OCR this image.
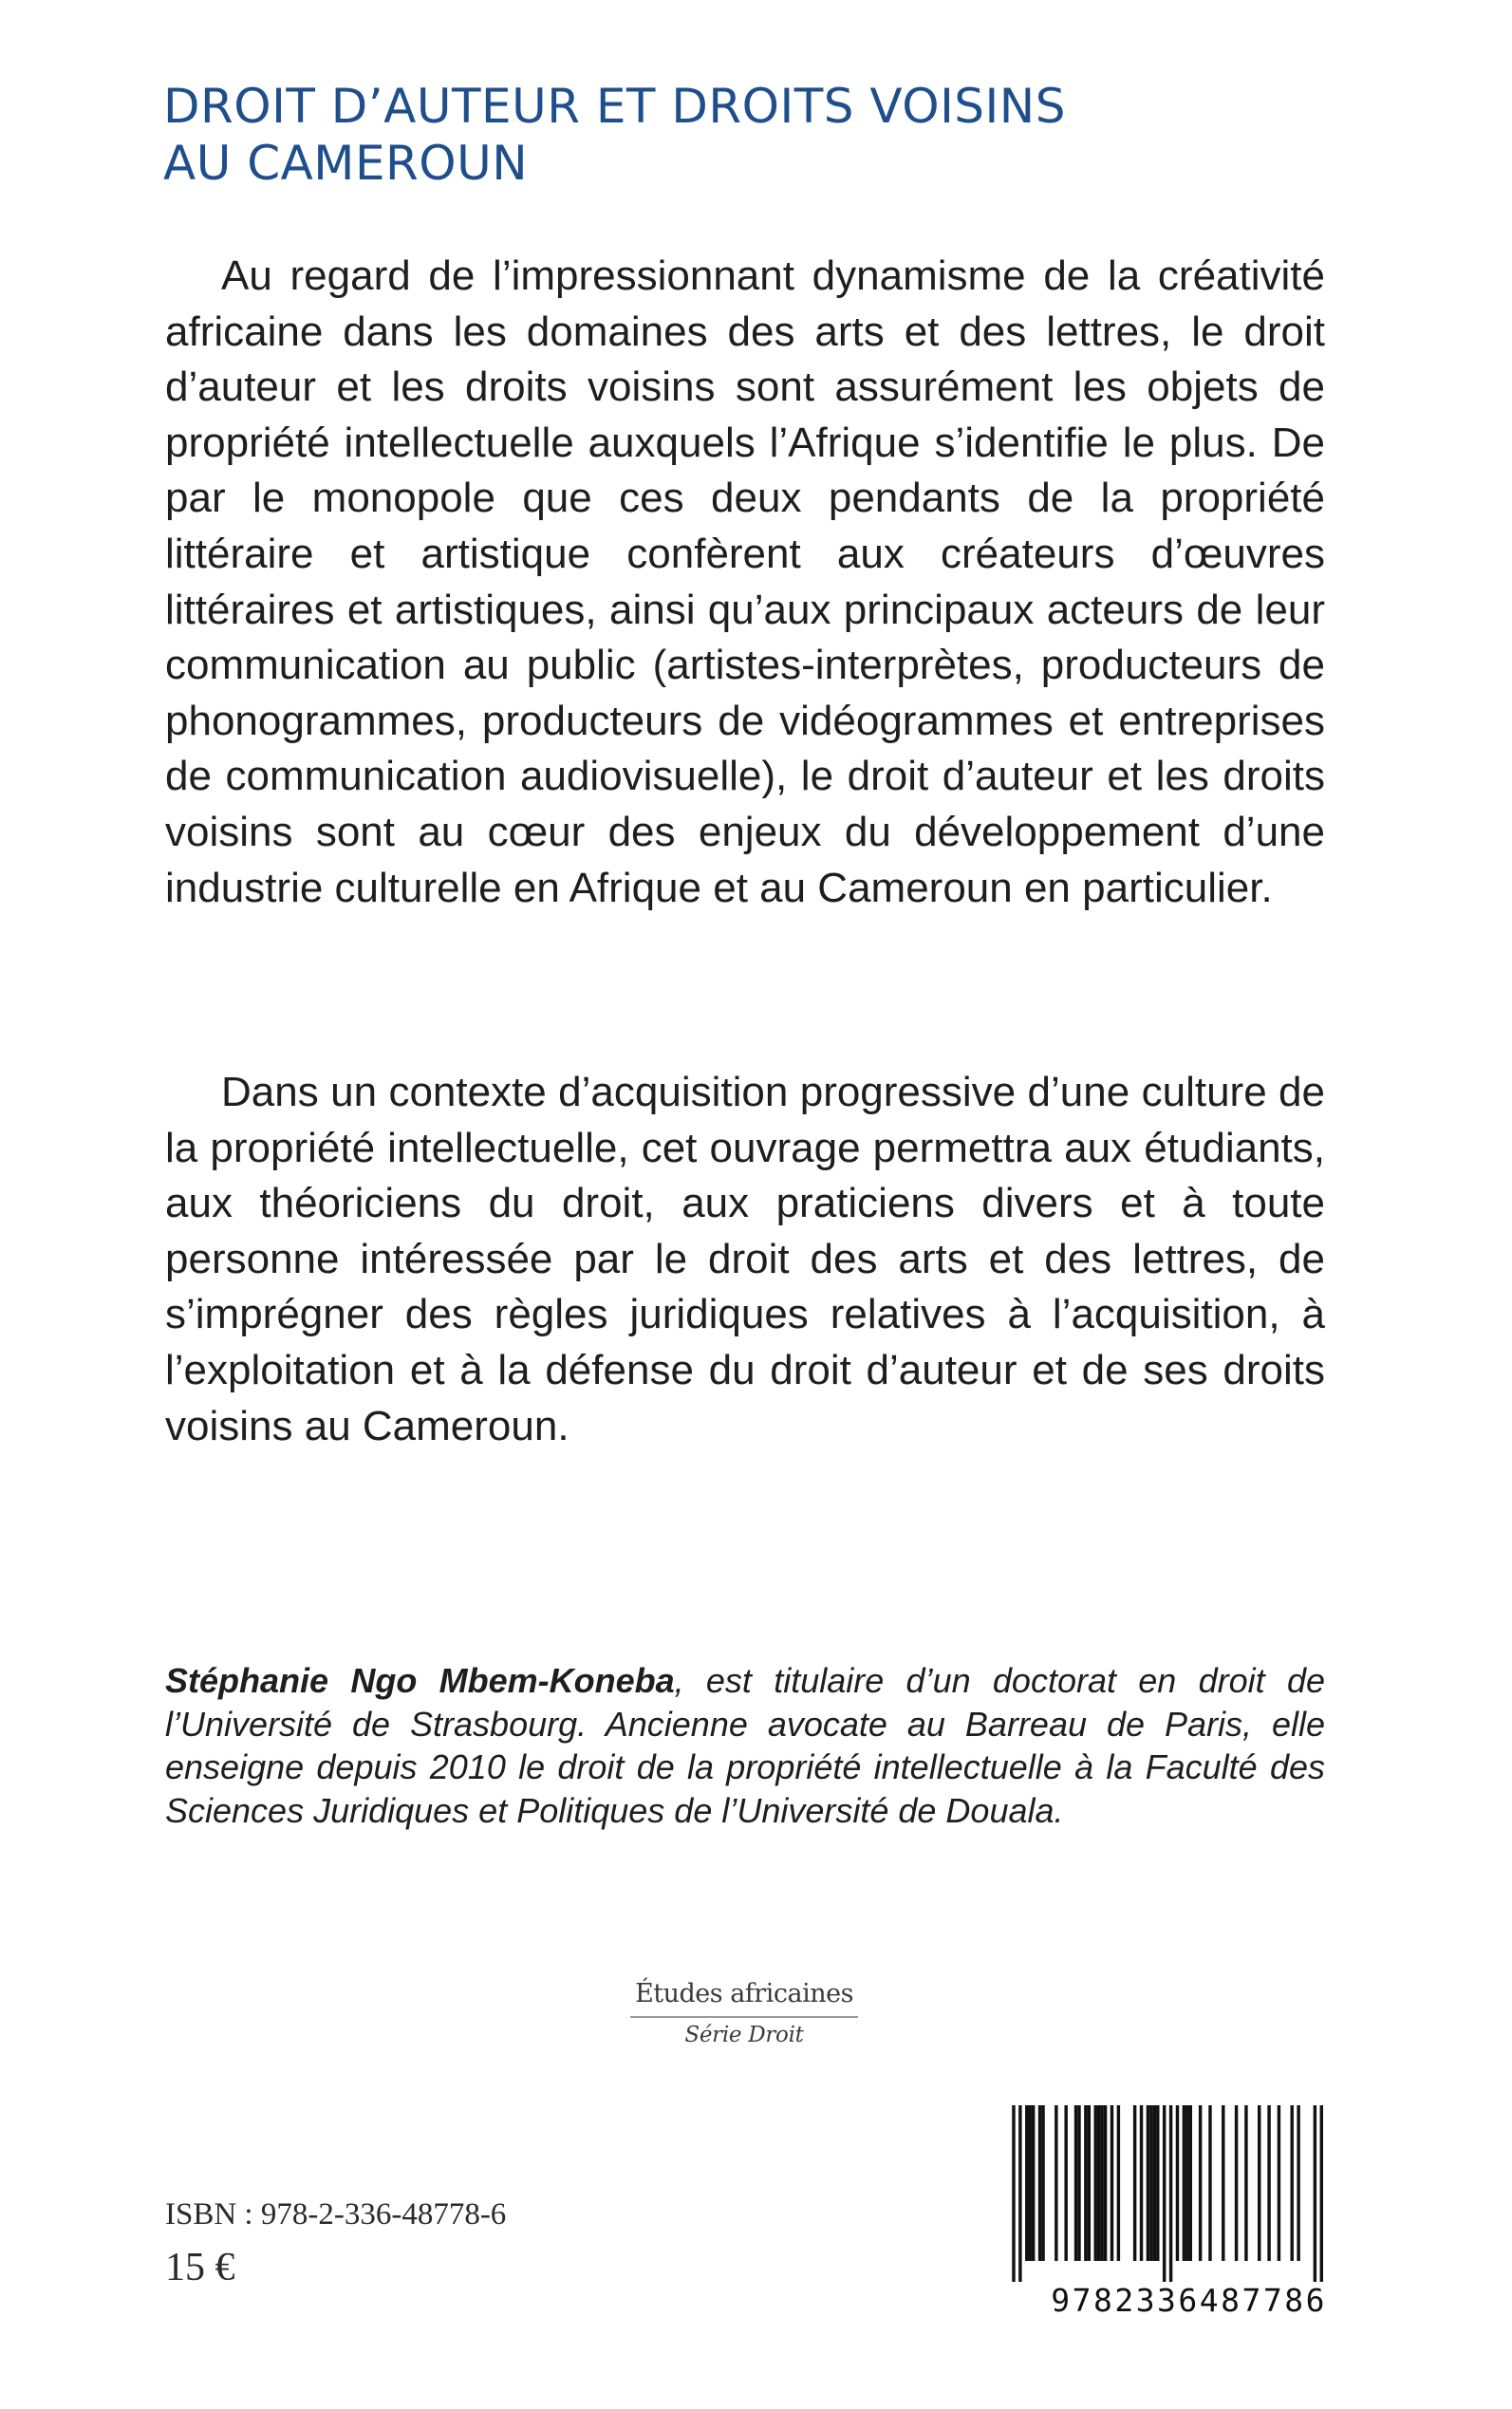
DROIT D’AUTEUR ET DROITS VOISINS
AU CAMEROUN

Au regard de l’impressionnant dynamisme de la créativité africaine dans les domaines des arts et des lettres, le droit d’auteur et les droits voisins sont assurément les objets de propriété intellectuelle auxquels l’Afrique s’identifie le plus. De par le monopole que ces deux pendants de la propriété littéraire et artistique confèrent aux créateurs d’œuvres littéraires et artistiques, ainsi qu’aux principaux acteurs de leur communication au public (artistes-interprètes, producteurs de phonogrammes, producteurs de vidéogrammes et entreprises de communication audiovisuelle), le droit d’auteur et les droits voisins sont au cœur des enjeux du développement d’une industrie culturelle en Afrique et au Cameroun en particulier.

Dans un contexte d’acquisition progressive d’une culture de la propriété intellectuelle, cet ouvrage permettra aux étudiants, aux théoriciens du droit, aux praticiens divers et à toute personne intéressée par le droit des arts et des lettres, de s’imprégner des règles juridiques relatives à l’acquisition, à l’exploitation et à la défense du droit d’auteur et de ses droits voisins au Cameroun.

Stéphanie Ngo Mbem-Koneba, est titulaire d’un doctorat en droit de l’Université de Strasbourg. Ancienne avocate au Barreau de Paris, elle enseigne depuis 2010 le droit de la propriété intellectuelle à la Faculté des Sciences Juridiques et Politiques de l’Université de Douala.

Études africaines
Série Droit
ISBN : 978-2-336-48778-6
15 €
9782336487786
